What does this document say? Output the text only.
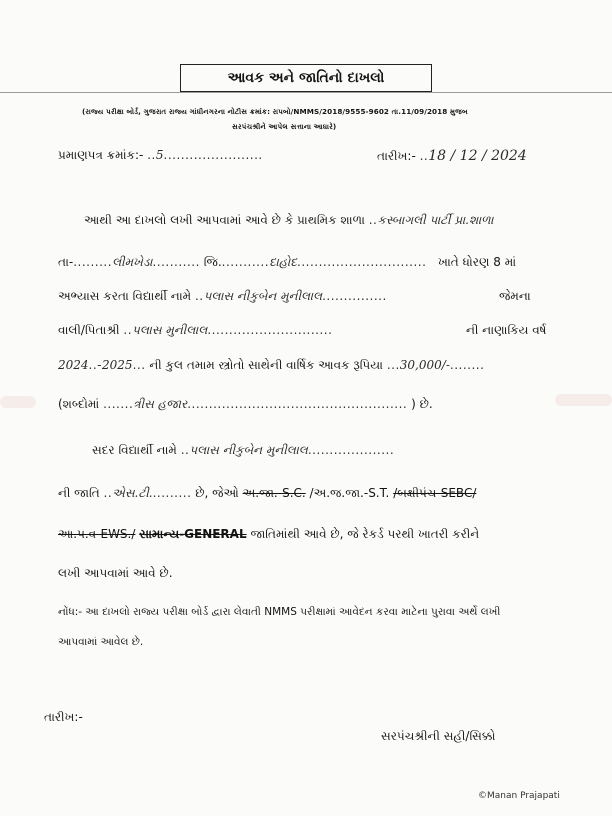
આવક અને જાતિનો દાખલો
(રાજ્ય પરીક્ષા બોર્ડ, ગુજરાત રાજ્ય ગાંધીનગરના નોટીસ ક્રમાંક: રાપબો/NMMS/2018/9555-9602 તા.11/09/2018 મુજબ
સરપંચશ્રીને આપેલ સત્તાના આધારે)
પ્રમાણપત્ર ક્રમાંક:- ..5.......................	તારીખ:- ..18 / 12 / 2024
આથી આ દાખલો લખી આપવામાં આવે છે કે પ્રાથમિક શાળા ..કસ્બાગલી પાર્ટી પ્રા.શાળા
તા-.........લીમખેડા........... જિ............દાહોદ.............................. ખાતે ધોરણ 8 માં
અભ્યાસ કરતા વિદ્યાર્થી નામે ..પલાસ નીકુબેન મુનીલાલ...............	જેમના
વાલી/પિતાશ્રી ..પલાસ મુનીલાલ.............................	ની નાણાકિય વર્ષ
2024..-2025... ની કુલ તમામ સ્ત્રોતો સાથેની વાર્ષિક આવક રૂપિયા ...30,000/-........
(શબ્દોમાં .......ત્રીસ હજાર................................................... ) છે.
સદર વિદ્યાર્થી નામે ..પલાસ નીકુબેન મુનીલાલ....................
ની જાતિ ..એસ.ટી.......... છે, જેઓ અ.જા.-S.C. /અ.જ.જા.-S.T. /બક્ષીપંચ-SEBC/
આ.પ.વ-EWS./ સામાન્ય-GENERAL જાતિમાંથી આવે છે, જે રેકર્ડ પરથી ખાતરી કરીને
લખી આપવામાં આવે છે.
નોંધ:- આ દાખલો રાજ્ય પરીક્ષા બોર્ડ દ્વારા લેવાતી NMMS પરીક્ષામાં આવેદન કરવા માટેના પુરાવા અર્થે લખી
આપવામાં આવેલ છે.
તારીખ:-
સરપંચશ્રીની સહી/સિક્કો
©Manan Prajapati
